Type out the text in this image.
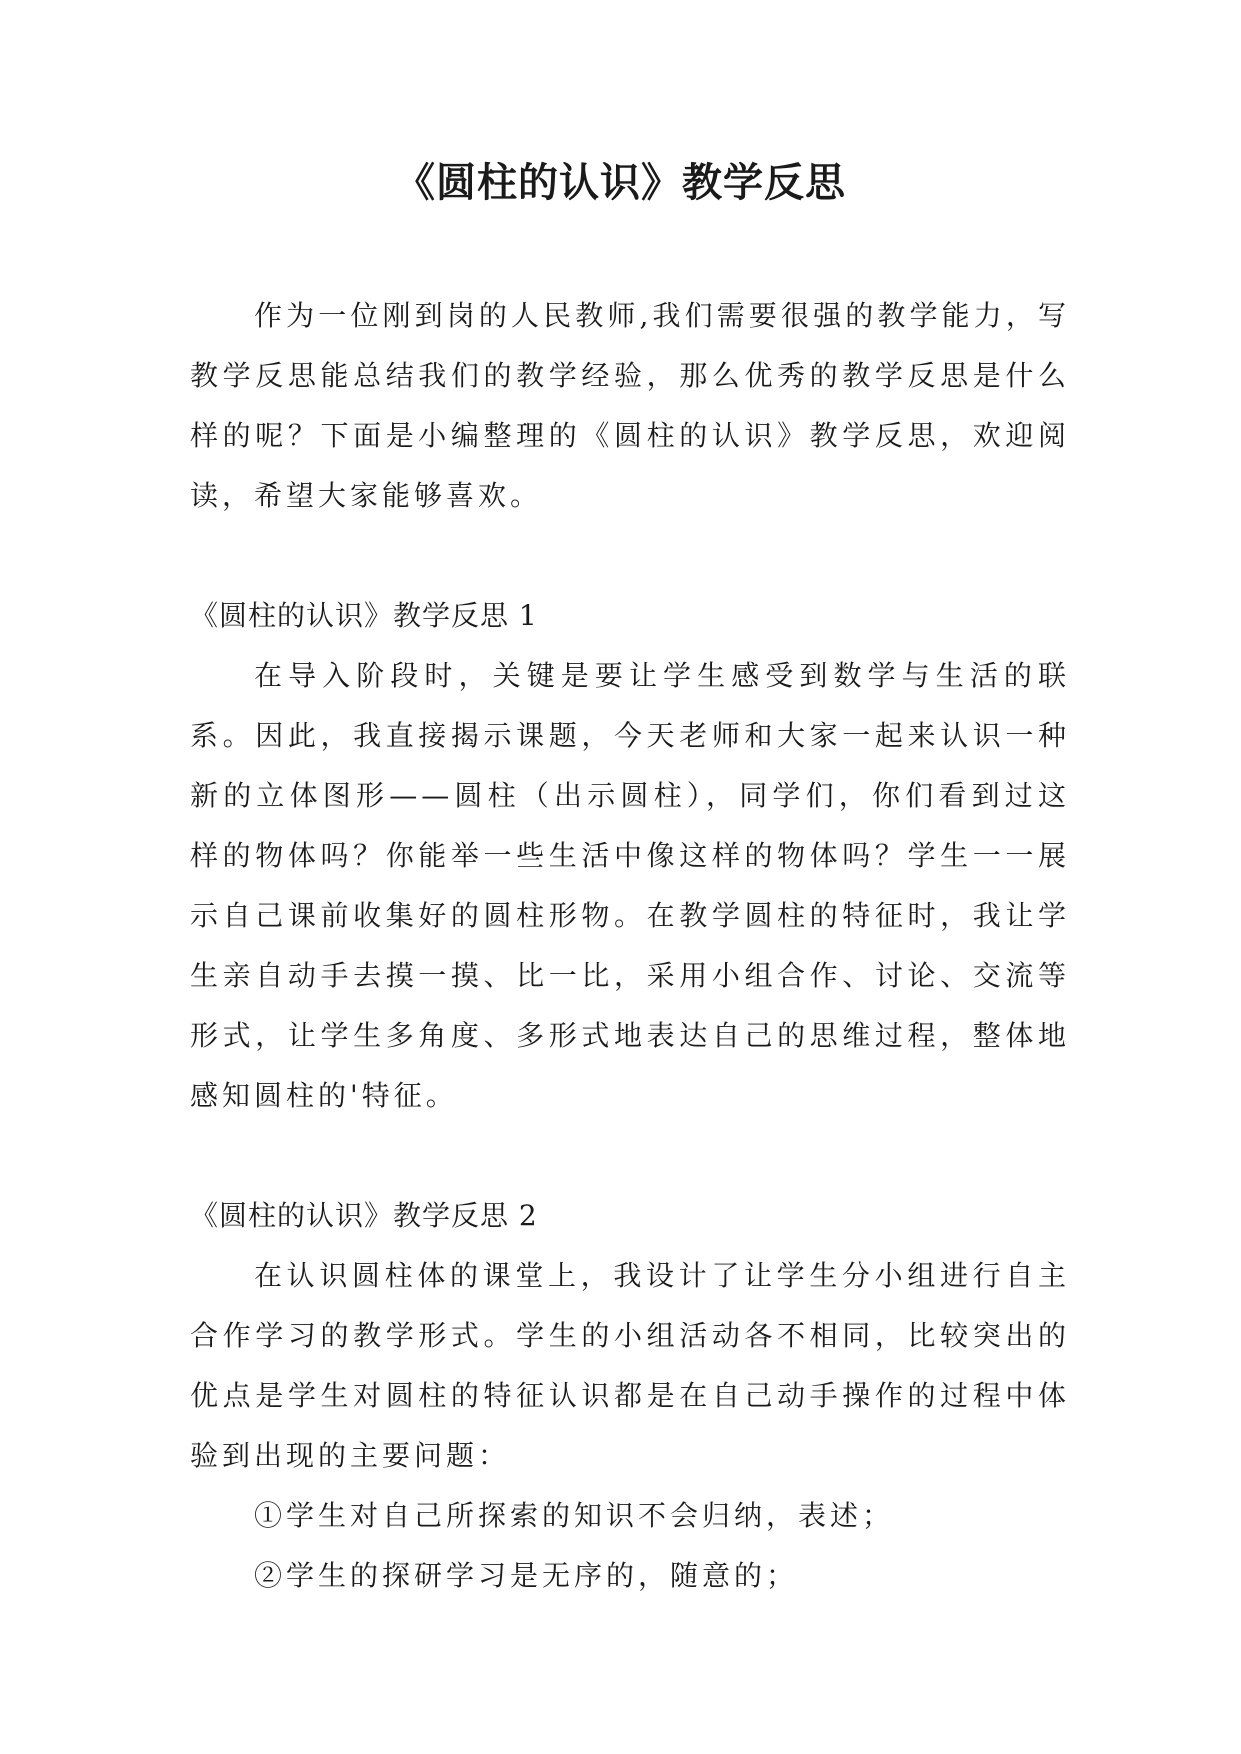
《圆柱的认识》教学反思

作为一位刚到岗的人民教师,我们需要很强的教学能力，写教学反思能总结我们的教学经验，那么优秀的教学反思是什么样的呢？下面是小编整理的《圆柱的认识》教学反思，欢迎阅读，希望大家能够喜欢。

《圆柱的认识》教学反思 1

在导入阶段时，关键是要让学生感受到数学与生活的联系。因此，我直接揭示课题，今天老师和大家一起来认识一种新的立体图形——圆柱（出示圆柱），同学们，你们看到过这样的物体吗？你能举一些生活中像这样的物体吗？学生一一展示自己课前收集好的圆柱形物。在教学圆柱的特征时，我让学生亲自动手去摸一摸、比一比，采用小组合作、讨论、交流等形式，让学生多角度、多形式地表达自己的思维过程，整体地感知圆柱的'特征。

《圆柱的认识》教学反思 2

在认识圆柱体的课堂上，我设计了让学生分小组进行自主合作学习的教学形式。学生的小组活动各不相同，比较突出的优点是学生对圆柱的特征认识都是在自己动手操作的过程中体验到出现的主要问题：

①学生对自己所探索的知识不会归纳，表述；

②学生的探研学习是无序的，随意的；
